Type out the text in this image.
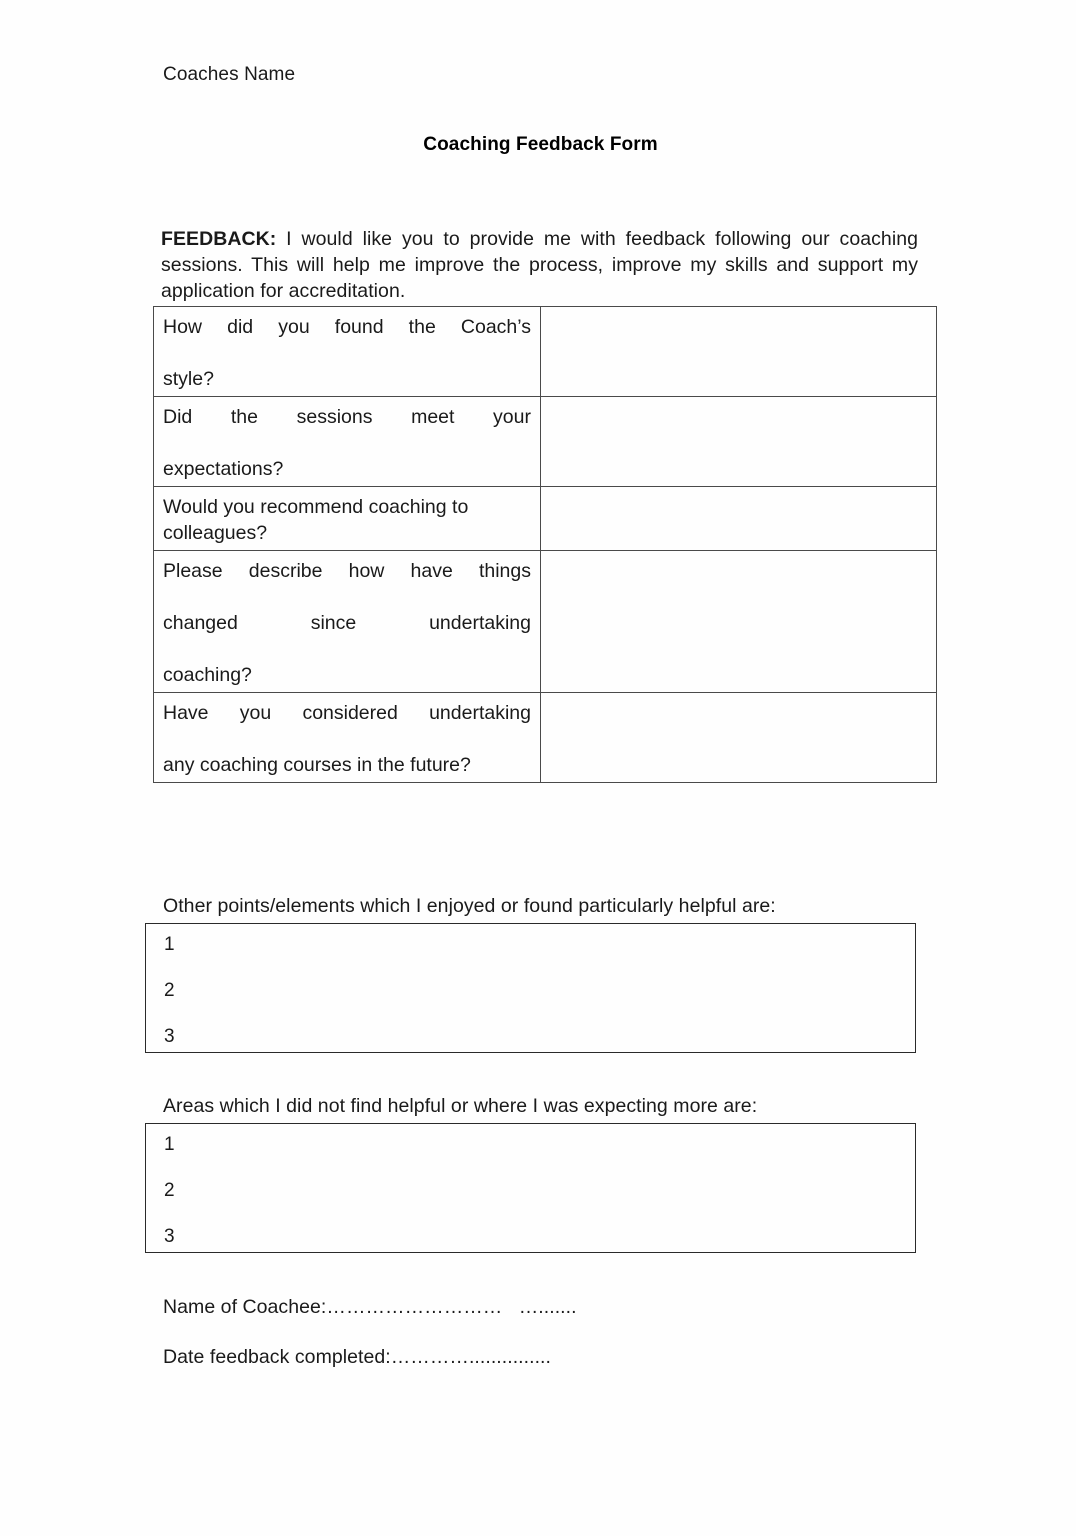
Coaches Name
Coaching Feedback Form

FEEDBACK: I would like you to provide me with feedback following our coaching sessions. This will help me improve the process, improve my skills and support my application for accreditation.

How did you found the Coach’s
style?	

Did the sessions meet your
expectations?	

Would you recommend coaching to
colleagues?	

Please describe how have things
changed since undertaking
coaching?	

Have you considered undertaking
any coaching courses in the future?	

Other points/elements which I enjoyed or found particularly helpful are:
1
2
3
Areas which I did not find helpful or where I was expecting more are:
1
2
3
Name of Coachee:………………………   ….......
Date feedback completed:…………...............
